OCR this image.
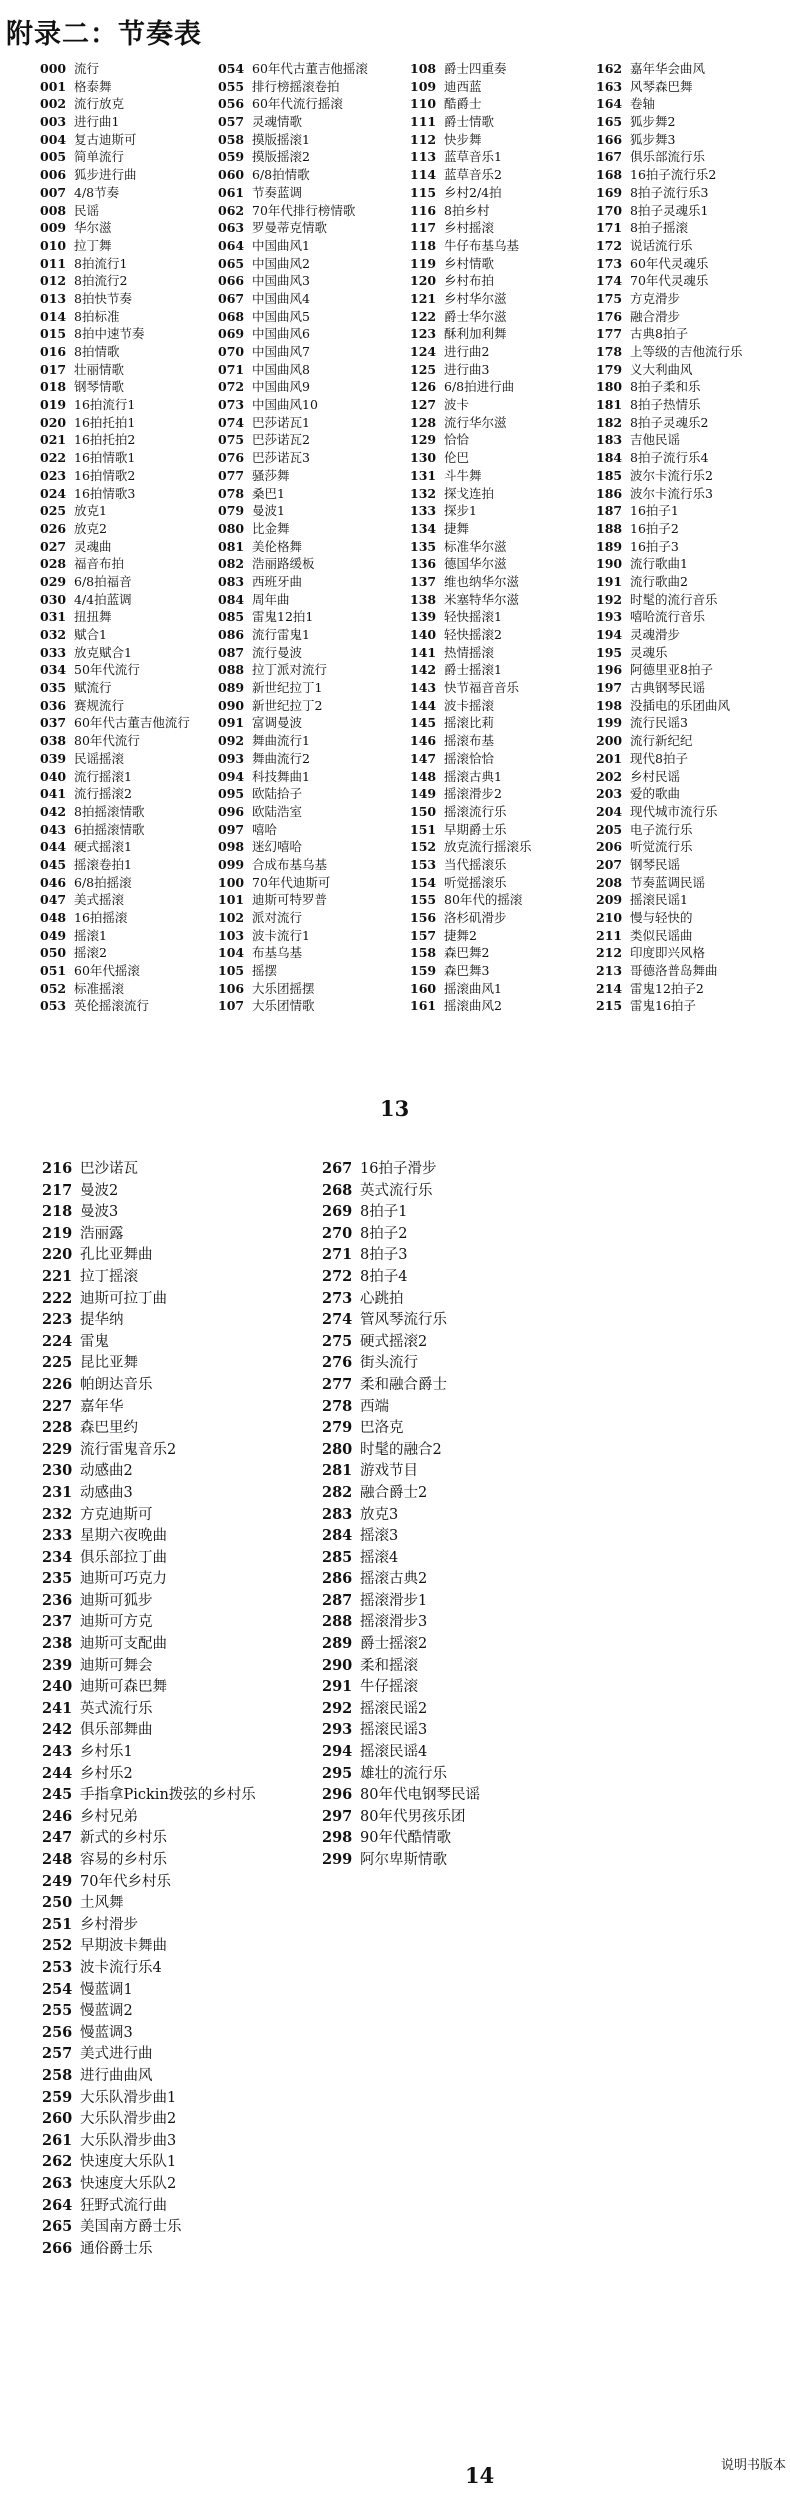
附录二：节奏表
000 流行
001 格泰舞
002 流行放克
003 进行曲1
004 复古迪斯可
005 简单流行
006 狐步进行曲
007 4/8节奏
008 民谣
009 华尔滋
010 拉丁舞
011 8拍流行1
012 8拍流行2
013 8拍快节奏
014 8拍标准
015 8拍中速节奏
016 8拍情歌
017 壮丽情歌
018 钢琴情歌
019 16拍流行1
020 16拍托拍1
021 16拍托拍2
022 16拍情歌1
023 16拍情歌2
024 16拍情歌3
025 放克1
026 放克2
027 灵魂曲
028 福音布拍
029 6/8拍福音
030 4/4拍蓝调
031 扭扭舞
032 赋合1
033 放克赋合1
034 50年代流行
035 赋流行
036 赛规流行
037 60年代古董吉他流行
038 80年代流行
039 民谣摇滚
040 流行摇滚1
041 流行摇滚2
042 8拍摇滚情歌
043 6拍摇滚情歌
044 硬式摇滚1
045 摇滚卷拍1
046 6/8拍摇滚
047 美式摇滚
048 16拍摇滚
049 摇滚1
050 摇滚2
051 60年代摇滚
052 标准摇滚
053 英伦摇滚流行
054 60年代古董吉他摇滚
055 排行榜摇滚卷拍
056 60年代流行摇滚
057 灵魂情歌
058 摸版摇滚1
059 摸版摇滚2
060 6/8拍情歌
061 节奏蓝调
062 70年代排行榜情歌
063 罗曼蒂克情歌
064 中国曲风1
065 中国曲风2
066 中国曲风3
067 中国曲风4
068 中国曲风5
069 中国曲风6
070 中国曲风7
071 中国曲风8
072 中国曲风9
073 中国曲风10
074 巴莎诺瓦1
075 巴莎诺瓦2
076 巴莎诺瓦3
077 骚莎舞
078 桑巴1
079 曼波1
080 比金舞
081 美伦格舞
082 浩丽路缓板
083 西班牙曲
084 周年曲
085 雷鬼12拍1
086 流行雷鬼1
087 流行曼波
088 拉丁派对流行
089 新世纪拉丁1
090 新世纪拉丁2
091 富调曼波
092 舞曲流行1
093 舞曲流行2
094 科技舞曲1
095 欧陆拾子
096 欧陆浩室
097 嘻哈
098 迷幻嘻哈
099 合成布基乌基
100 70年代迪斯可
101 迪斯可特罗普
102 派对流行
103 波卡流行1
104 布基乌基
105 摇摆
106 大乐团摇摆
107 大乐团情歌
108 爵士四重奏
109 迪西蓝
110 酷爵士
111 爵士情歌
112 快步舞
113 蓝草音乐1
114 蓝草音乐2
115 乡村2/4拍
116 8拍乡村
117 乡村摇滚
118 牛仔布基乌基
119 乡村情歌
120 乡村布拍
121 乡村华尔滋
122 爵士华尔滋
123 酥利加利舞
124 进行曲2
125 进行曲3
126 6/8拍进行曲
127 波卡
128 流行华尔滋
129 恰恰
130 伦巴
131 斗牛舞
132 探戈连拍
133 探步1
134 捷舞
135 标准华尔滋
136 德国华尔滋
137 维也纳华尔滋
138 米塞特华尔滋
139 轻快摇滚1
140 轻快摇滚2
141 热情摇滚
142 爵士摇滚1
143 快节福音音乐
144 波卡摇滚
145 摇滚比莉
146 摇滚布基
147 摇滚恰恰
148 摇滚古典1
149 摇滚滑步2
150 摇滚流行乐
151 早期爵士乐
152 放克流行摇滚乐
153 当代摇滚乐
154 听觉摇滚乐
155 80年代的摇滚
156 洛杉矶滑步
157 捷舞2
158 森巴舞2
159 森巴舞3
160 摇滚曲风1
161 摇滚曲风2
162 嘉年华会曲风
163 风琴森巴舞
164 卷轴
165 狐步舞2
166 狐步舞3
167 俱乐部流行乐
168 16拍子流行乐2
169 8拍子流行乐3
170 8拍子灵魂乐1
171 8拍子摇滚
172 说话流行乐
173 60年代灵魂乐
174 70年代灵魂乐
175 方克滑步
176 融合滑步
177 古典8拍子
178 上等级的吉他流行乐
179 义大利曲风
180 8拍子柔和乐
181 8拍子热情乐
182 8拍子灵魂乐2
183 吉他民谣
184 8拍子流行乐4
185 波尔卡流行乐2
186 波尔卡流行乐3
187 16拍子1
188 16拍子2
189 16拍子3
190 流行歌曲1
191 流行歌曲2
192 时髦的流行音乐
193 嘻哈流行音乐
194 灵魂滑步
195 灵魂乐
196 阿德里亚8拍子
197 古典钢琴民谣
198 没插电的乐团曲风
199 流行民谣3
200 流行新纪纪
201 现代8拍子
202 乡村民谣
203 爱的歌曲
204 现代城市流行乐
205 电子流行乐
206 听觉流行乐
207 钢琴民谣
208 节奏蓝调民谣
209 摇滚民谣1
210 慢与轻快的
211 类似民谣曲
212 印度即兴风格
213 哥德洛普岛舞曲
214 雷鬼12拍子2
215 雷鬼16拍子
13
216 巴沙诺瓦
217 曼波2
218 曼波3
219 浩丽露
220 孔比亚舞曲
221 拉丁摇滚
222 迪斯可拉丁曲
223 提华纳
224 雷鬼
225 昆比亚舞
226 帕朗达音乐
227 嘉年华
228 森巴里约
229 流行雷鬼音乐2
230 动感曲2
231 动感曲3
232 方克迪斯可
233 星期六夜晚曲
234 俱乐部拉丁曲
235 迪斯可巧克力
236 迪斯可狐步
237 迪斯可方克
238 迪斯可支配曲
239 迪斯可舞会
240 迪斯可森巴舞
241 英式流行乐
242 俱乐部舞曲
243 乡村乐1
244 乡村乐2
245 手指拿Pickin拨弦的乡村乐
246 乡村兄弟
247 新式的乡村乐
248 容易的乡村乐
249 70年代乡村乐
250 土风舞
251 乡村滑步
252 早期波卡舞曲
253 波卡流行乐4
254 慢蓝调1
255 慢蓝调2
256 慢蓝调3
257 美式进行曲
258 进行曲曲风
259 大乐队滑步曲1
260 大乐队滑步曲2
261 大乐队滑步曲3
262 快速度大乐队1
263 快速度大乐队2
264 狂野式流行曲
265 美国南方爵士乐
266 通俗爵士乐
267 16拍子滑步
268 英式流行乐
269 8拍子1
270 8拍子2
271 8拍子3
272 8拍子4
273 心跳拍
274 管风琴流行乐
275 硬式摇滚2
276 街头流行
277 柔和融合爵士
278 西端
279 巴洛克
280 时髦的融合2
281 游戏节目
282 融合爵士2
283 放克3
284 摇滚3
285 摇滚4
286 摇滚古典2
287 摇滚滑步1
288 摇滚滑步3
289 爵士摇滚2
290 柔和摇滚
291 牛仔摇滚
292 摇滚民谣2
293 摇滚民谣3
294 摇滚民谣4
295 雄壮的流行乐
296 80年代电钢琴民谣
297 80年代男孩乐团
298 90年代酷情歌
299 阿尔卑斯情歌
14	说明书版本
